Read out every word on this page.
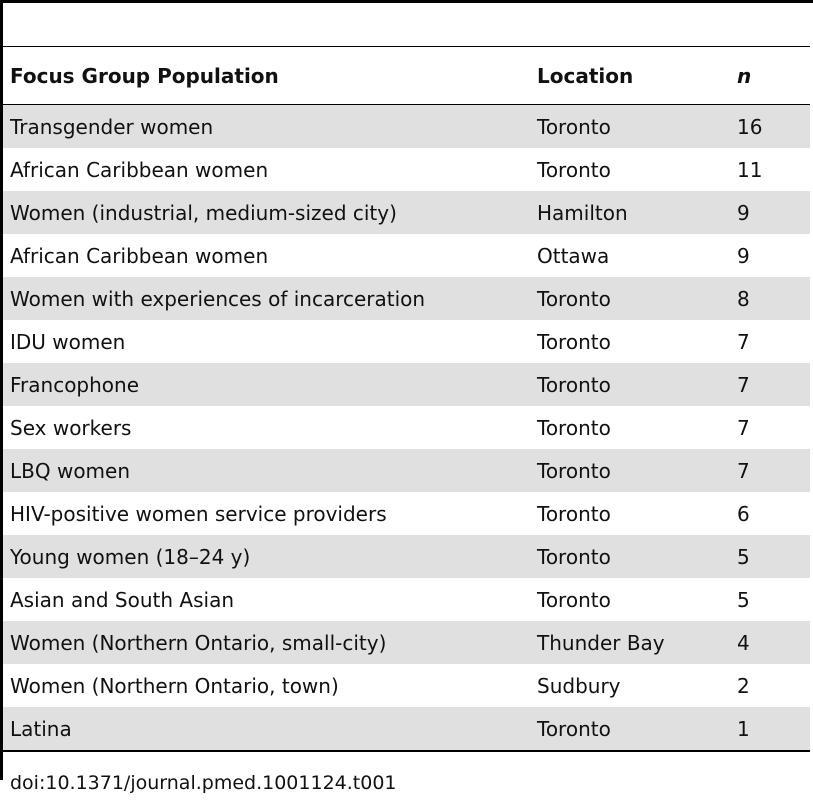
Focus Group Population	Location	n
Transgender women	Toronto	16
African Caribbean women	Toronto	11
Women (industrial, medium-sized city)	Hamilton	9
African Caribbean women	Ottawa	9
Women with experiences of incarceration	Toronto	8
IDU women	Toronto	7
Francophone	Toronto	7
Sex workers	Toronto	7
LBQ women	Toronto	7
HIV-positive women service providers	Toronto	6
Young women (18–24 y)	Toronto	5
Asian and South Asian	Toronto	5
Women (Northern Ontario, small-city)	Thunder Bay	4
Women (Northern Ontario, town)	Sudbury	2
Latina	Toronto	1
doi:10.1371/journal.pmed.1001124.t001
